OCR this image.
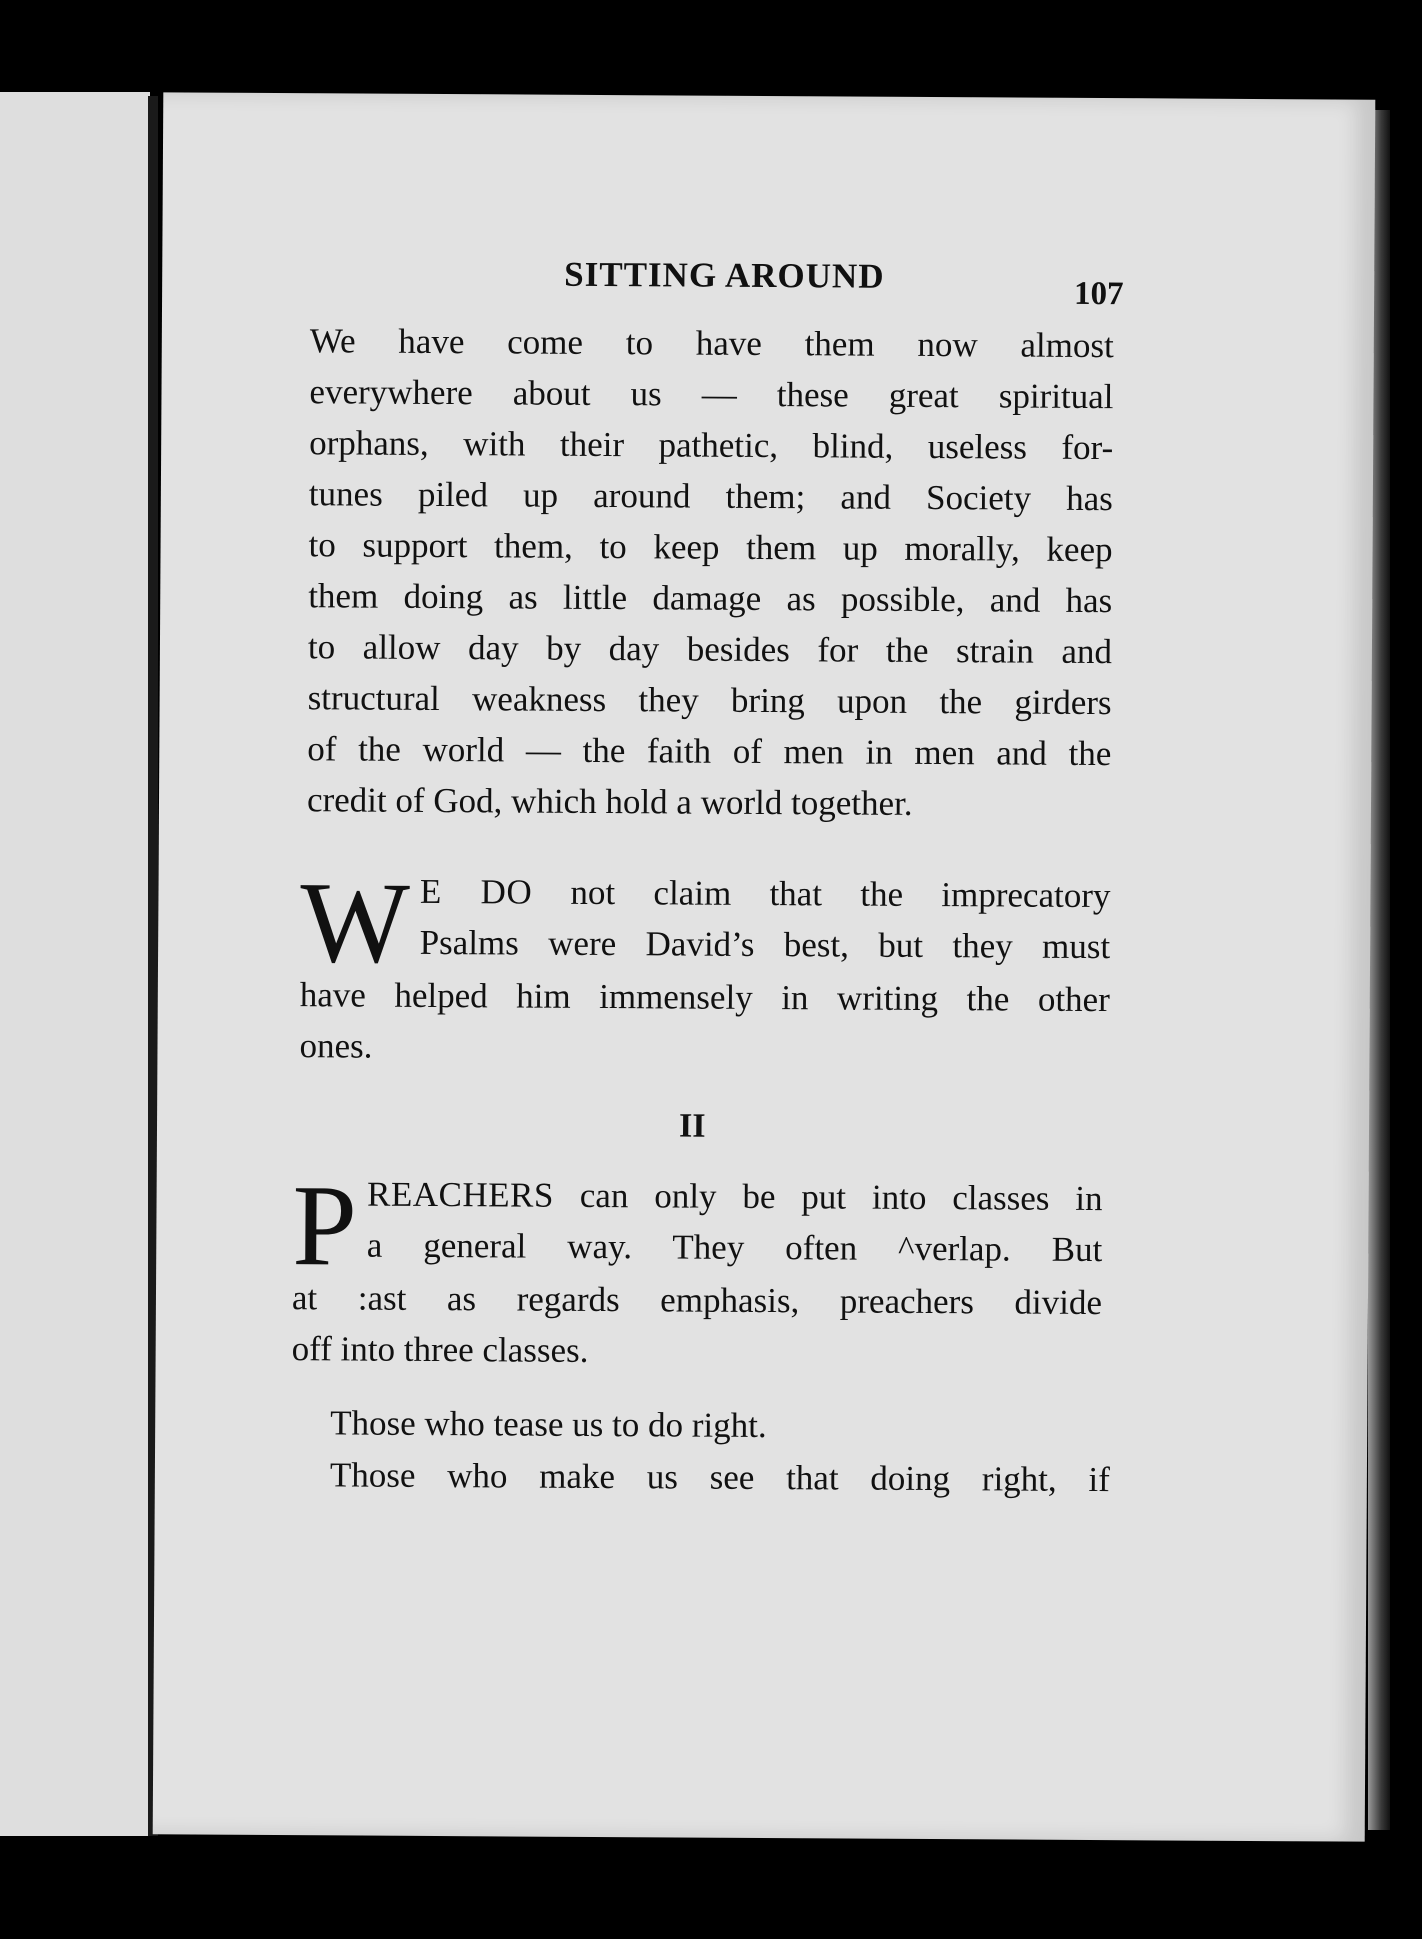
SITTING AROUND	107
We have come to have them now almost
everywhere about us — these great spiritual
orphans, with their pathetic, blind, useless for-
tunes piled up around them; and Society has
to support them, to keep them up morally, keep
them doing as little damage as possible, and has
to allow day by day besides for the strain and
structural weakness they bring upon the girders
of the world — the faith of men in men and the
credit of God, which hold a world together.
W E DO not claim that the imprecatory
Psalms were David’s best, but they must
have helped him immensely in writing the other
ones.
II
P REACHERS can only be put into classes in
a general way. They often ^verlap. But
at :ast as regards emphasis, preachers divide
off into three classes.
Those who tease us to do right.
Those who make us see that doing right, if
